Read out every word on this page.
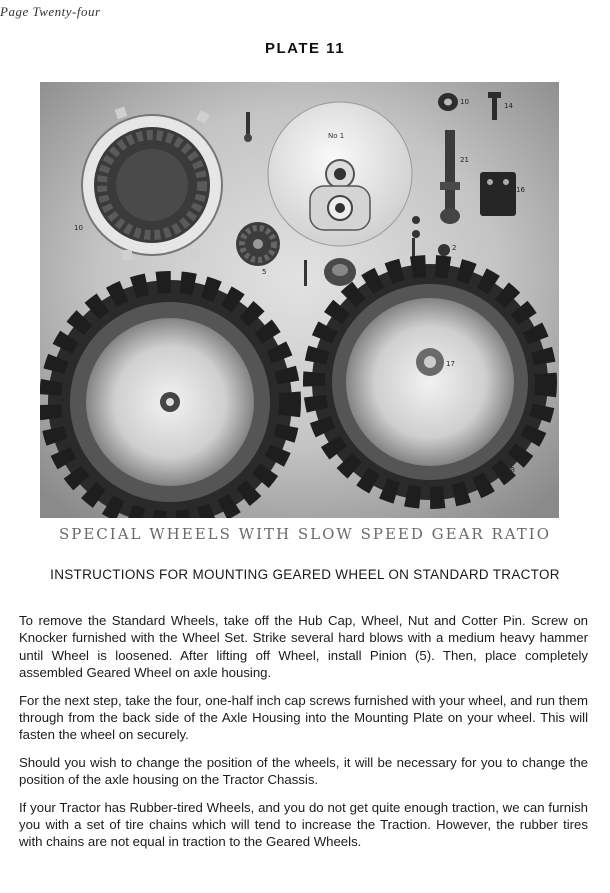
Page Twenty-four
PLATE 11
10
No 1
5
10	14
21
16
2
17
18
SPECIAL WHEELS WITH SLOW SPEED GEAR RATIO
INSTRUCTIONS FOR MOUNTING GEARED WHEEL ON STANDARD TRACTOR

To remove the Standard Wheels, take off the Hub Cap, Wheel, Nut and Cotter Pin. Screw on Knocker furnished with the Wheel Set. Strike several hard blows with a medium heavy hammer until Wheel is loosened. After lifting off Wheel, install Pinion (5). Then, place completely assembled Geared Wheel on axle housing.

For the next step, take the four, one-half inch cap screws furnished with your wheel, and run them through from the back side of the Axle Housing into the Mounting Plate on your wheel. This will fasten the wheel on securely.

Should you wish to change the position of the wheels, it will be necessary for you to change the position of the axle housing on the Tractor Chassis.

If your Tractor has Rubber-tired Wheels, and you do not get quite enough traction, we can furnish you with a set of tire chains which will tend to increase the Traction. However, the rubber tires with chains are not equal in traction to the Geared Wheels.
